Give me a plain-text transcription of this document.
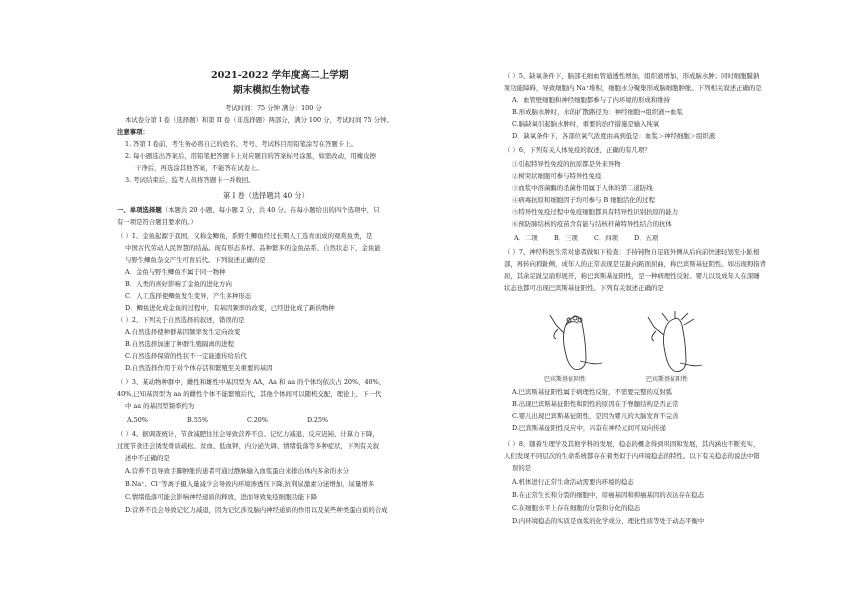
2021-2022 学年度高二上学期
期末模拟生物试卷
考试时间：75 分钟 满分：100 分
本试卷分第 I 卷（选择题）和第 II 卷（非选择题）两部分，满分 100 分，考试时间 75 分钟。
注意事项：
1. 答第 I 卷前，考生务必将自己的姓名、考号、考试科目用铅笔涂写在答题卡上。
2. 每小题选出答案后，用铅笔把答题卡上对应题目的答案标号涂黑，如需改动，用橡皮擦
干净后，再选涂其他答案，不能答在试卷上。
3. 考试结束后，监考人员将答题卡一并收回。
第 I 卷（选择题共 40 分）
一、单项选择题（本题共 20 小题，每小题 2 分，共 40 分。在每小题给出的四个选项中，只
有一项是符合题目要求的。）
（ ）1、金鱼起源于我国，又称金鲫鱼，系野生鲫鱼经过长期人工选育而成的观赏鱼类，是
中国古代劳动人民智慧的结晶。现有形态多样、品种繁多的金鱼品系、自然状态下，金鱼能
与野生鲫鱼杂交产生可育后代。下列叙述正确的是
A．金鱼与野生鲫鱼不属于同一物种
B．人类的喜好影响了金鱼的进化方向
C．人工选择使鲫鱼发生变异，产生多种形态
D．鲫鱼进化成金鱼的过程中，有基因频率的改变，已经进化成了新的物种
（ ）2、下列关于自然选择的叙述，错误的是
A.自然选择使种群基因频率发生定向改变
B.自然选择加速了种群生殖隔离的进程
C.自然选择保留的性状不一定能遗传给后代
D.自然选择作用于对个体存活和繁殖至关重要的基因
（ ）3、某动物种群中，雌性和雄性中基因型为 AA、Aa 和 aa 的个体均依次占 20%、40%、
40%,已知基因型为 aa 的雌性个体不能繁殖后代，其他个体间可以随机交配，理论上，下一代
中 aa 的基因型频率约为
A.50%	B.55%	C.20%	D.25%
（ ）4、据调查统计，节食减肥往往会导致营养不良、记忆力减退、反应迟钝、计算力下降，
过度节食还会诱发骨质疏松、贫血、低血钾、内分泌失调、情绪低落等多种症状，下列有关叙
述中不正确的是
A.营养不良导致手脚肿胀的患者可通过静脉输入血浆蛋白来排出体内多余的水分
B.Na⁺、Cl⁻等离子摄入量减少会导致内环境渗透压下降,抗利尿激素分泌增加，尿量增多
C.情绪低落可能会影响神经递质的释放，进而导致免疫细胞功能下降
D.营养不良会导致记忆力减退，因为记忆涉及脑内神经递质的作用以及某些种类蛋白质的合成
（ ）5、缺氧条件下，脑部毛细血管通透性增加，组织液增加，形成脑水肿；同时细胞膜钠
泵功能障碍，导致细胞内 Na⁺堆积，细胞水分聚集形成脑细胞肿胀。下列相关叙述正确的是
A．血管壁细胞和神经细胞都参与了内环境的形成和维持
B.形成脑水肿时，水的扩散路径为：神经细胞→组织液→血浆
C.脑缺氧引起脑水肿时，重要的治疗措施是输入纯氧
D．缺氧条件下，各部位氧气浓度由高到低是：血浆＞神经细胞＞组织液
（ ）6、下列有关人体免疫的叙述，正确的有几项？
①引起特异性免疫的抗原都是外来异物
②树突状细胞可参与特异性免疫
③血浆中溶菌酶的杀菌作用属于人体的第二道防线
④病毒抗原和细胞因子均可参与 B 细胞活化的过程
⑤特异性免疫过程中免疫细胞都具有特异性识别抗原的能力
⑥预防肺结核的疫苗含有能与结核杆菌特异性结合的抗体
A．二项	B．三项	C．四项 D．五项
（ ）7、神经科医生常对患者做如下检查：手持钝物自足底外侧从后向前快速轻划至小趾根
部，再转向拇趾侧，成年人的正常表现是足趾向跖面屈曲，称巴宾斯基征阴性。如出现拇指背
屈，其余足趾呈扇形展开，称巴宾斯基征阳性，是一种病理性反射。婴儿以及成年人在深睡
状态也都可出现巴宾斯基征阳性。下列有关叙述正确的是
巴宾斯基征阴性	巴宾斯基征阳性
A.巴宾斯基征阳性属于病理性反射，不需要完整的反射弧
B.出现巴宾斯基征阳性和阴性的原因在于脊髓结构是否正常
C.婴儿出现巴宾斯基征阳性，是因为婴儿的大脑发育不完善
D.巴宾斯基征阳性反应中，兴奋在神经元间可双向传递
（ ）8、随着生理学及其他学科的发展，稳态的概念得到巩固和发展，其内涵也不断充实，
人们发现不同层次的生命系统都存在着类似于内环境稳态的特性。以下有关稳态的说法中错
误的是
A.机体进行正常生命活动需要内环境的稳态
B.在正常生长和分裂的细胞中，原癌基因和抑癌基因的表达存在稳态
C.在细胞水平上存在细胞的分裂和分化的稳态
D.内环境稳态的实质是血浆的化学成分、理化性质等处于动态平衡中
